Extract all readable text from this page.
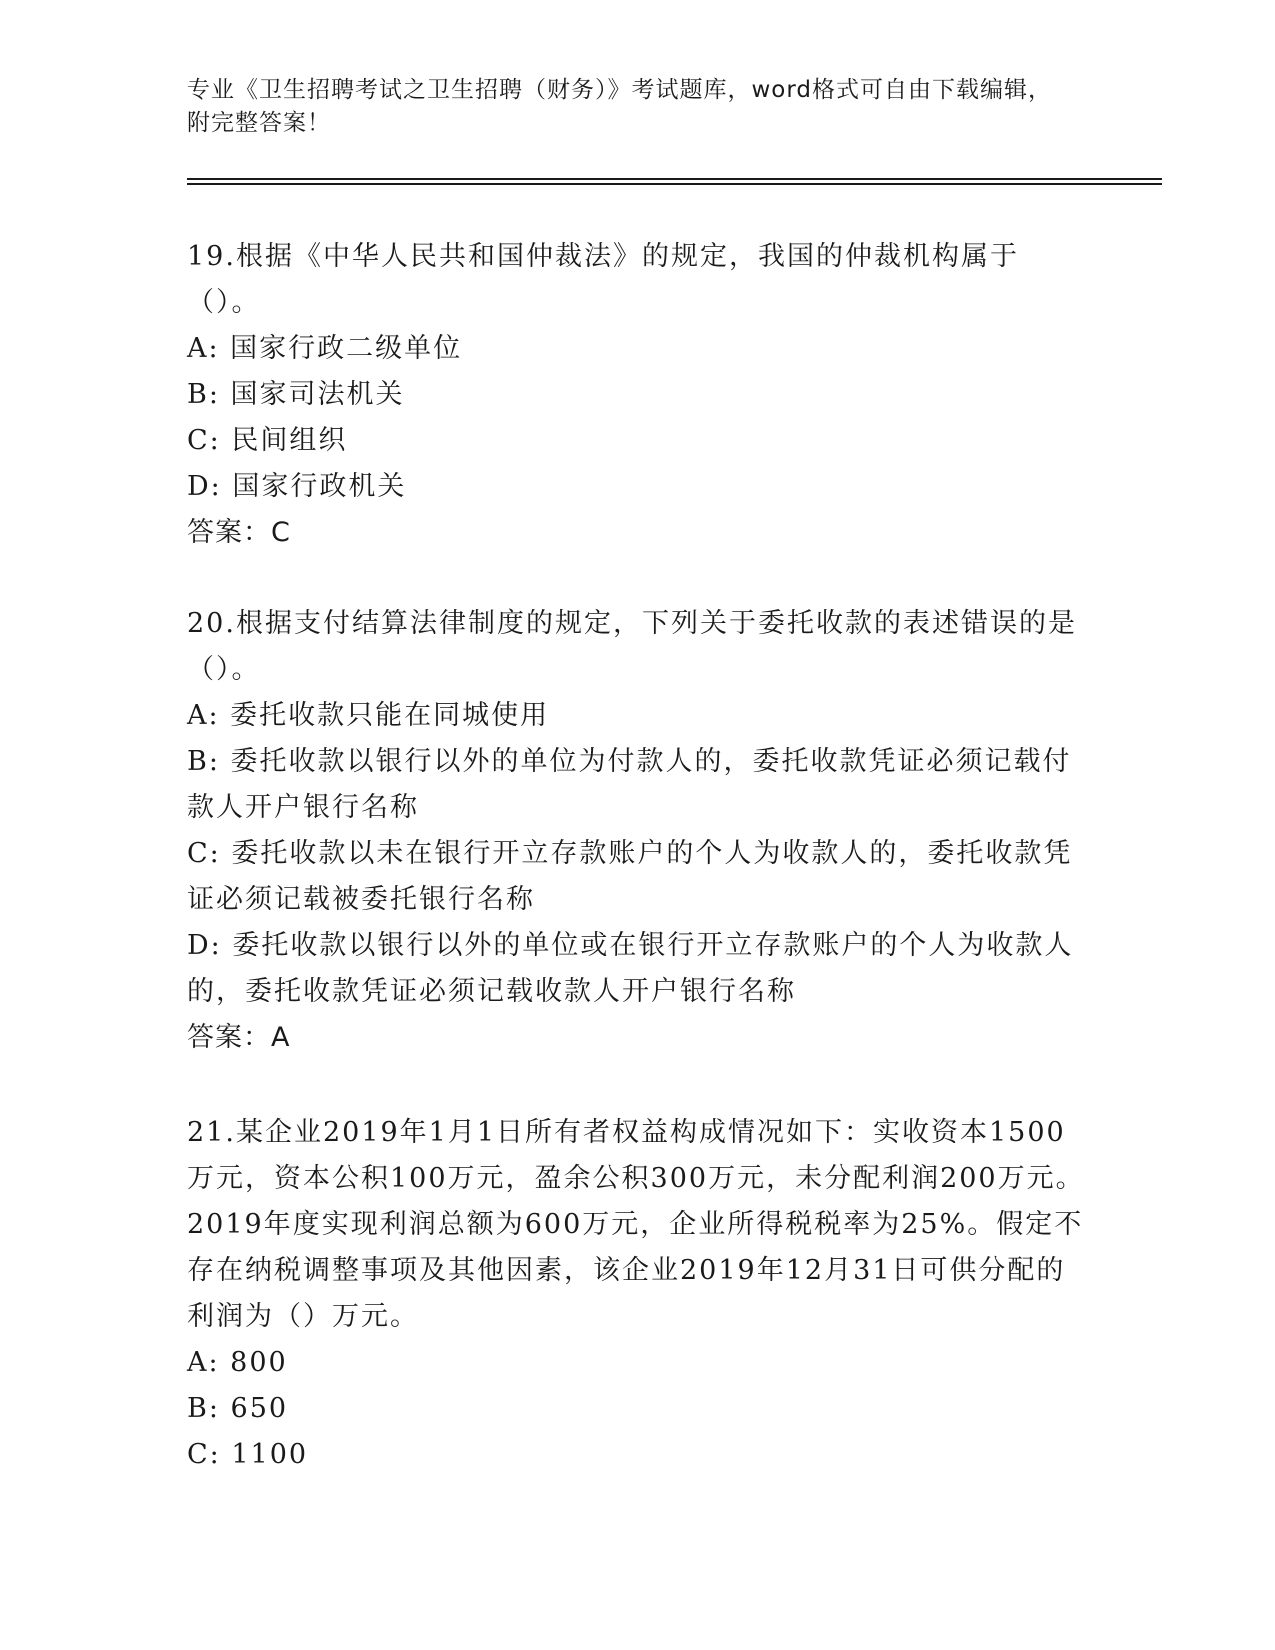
专业《卫生招聘考试之卫生招聘（财务）》考试题库，word格式可自由下载编辑，附完整答案！

19.根据《中华人民共和国仲裁法》的规定，我国的仲裁机构属于（）。

A: 国家行政二级单位

B: 国家司法机关

C: 民间组织

D: 国家行政机关

答案：C

20.根据支付结算法律制度的规定，下列关于委托收款的表述错误的是（）。

A: 委托收款只能在同城使用

B: 委托收款以银行以外的单位为付款人的，委托收款凭证必须记载付款人开户银行名称

C: 委托收款以未在银行开立存款账户的个人为收款人的，委托收款凭证必须记载被委托银行名称

D: 委托收款以银行以外的单位或在银行开立存款账户的个人为收款人的，委托收款凭证必须记载收款人开户银行名称

答案：A

21.某企业2019年1月1日所有者权益构成情况如下：实收资本1500万元，资本公积100万元，盈余公积300万元，未分配利润200万元。2019年度实现利润总额为600万元，企业所得税税率为25%。假定不存在纳税调整事项及其他因素，该企业2019年12月31日可供分配的利润为（）万元。

A: 800

B: 650

C: 1100
